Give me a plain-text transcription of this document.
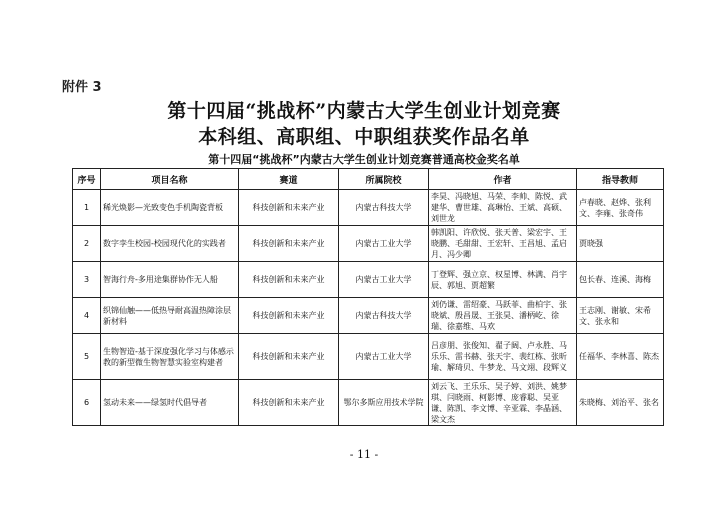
附件 3
第十四届“挑战杯”内蒙古大学生创业计划竞赛
本科组、高职组、中职组获奖作品名单
第十四届“挑战杯”内蒙古大学生创业计划竞赛普通高校金奖名单
序号	项目名称	赛道	所属院校	作者	指导教师
1	稀光焕影—光致变色手机陶瓷背板	科技创新和未来产业	内蒙古科技大学	李昊、冯晓旭、马荣、李帅、陈悦、武建华、曹世雄、高琳怡、王斌、高硕、刘世龙	卢春晓、赵烨、张利文、李雍、张奇伟
2	数字孪生校园-校园现代化的实践者	科技创新和未来产业	内蒙古工业大学	韩凯阳、许欣悦、张天普、梁宏宇、王晓鹏、毛甜甜、王宏轩、王昌旭、孟启月、冯少卿	贾晓强
3	智海行舟-多用途集群协作无人船	科技创新和未来产业	内蒙古工业大学	丁登辉、强立京、权星博、林满、肖宇辰、郭旭、贾超繁	包长春、连溪、海梅
4	织锦仙触——低热导耐高温热障涂层新材料	科技创新和未来产业	内蒙古科技大学	刘仍谦、雷绍豪、马跃菲、曲柏宇、张晓斌、殷昌晟、王张昊、潘柄屹、徐瑞、徐嘉维、马欢	王志刚、谢敏、宋希文、张永和
5	生物智造-基于深度强化学习与体感示教的新型微生物智慧实验室构建者	科技创新和未来产业	内蒙古工业大学	吕彦朋、张俊知、翟子阔、卢永胜、马乐乐、雷书赫、张天宇、裴红栋、张昕瑜、解琦贝、牛梦龙、马文翊、段辉义	任福华、李林喜、陈杰
6	氢动未来——绿氢时代倡导者	科技创新和未来产业	鄂尔多斯应用技术学院	刘云飞、王乐乐、吴子婷、刘洪、姚梦琪、闫晓雨、柯影博、庞睿聪、吴亚谦、陈凯、李文博、辛亚霖、李晶涵、梁文杰	朱晓梅、刘治平、张名
- 11 -
